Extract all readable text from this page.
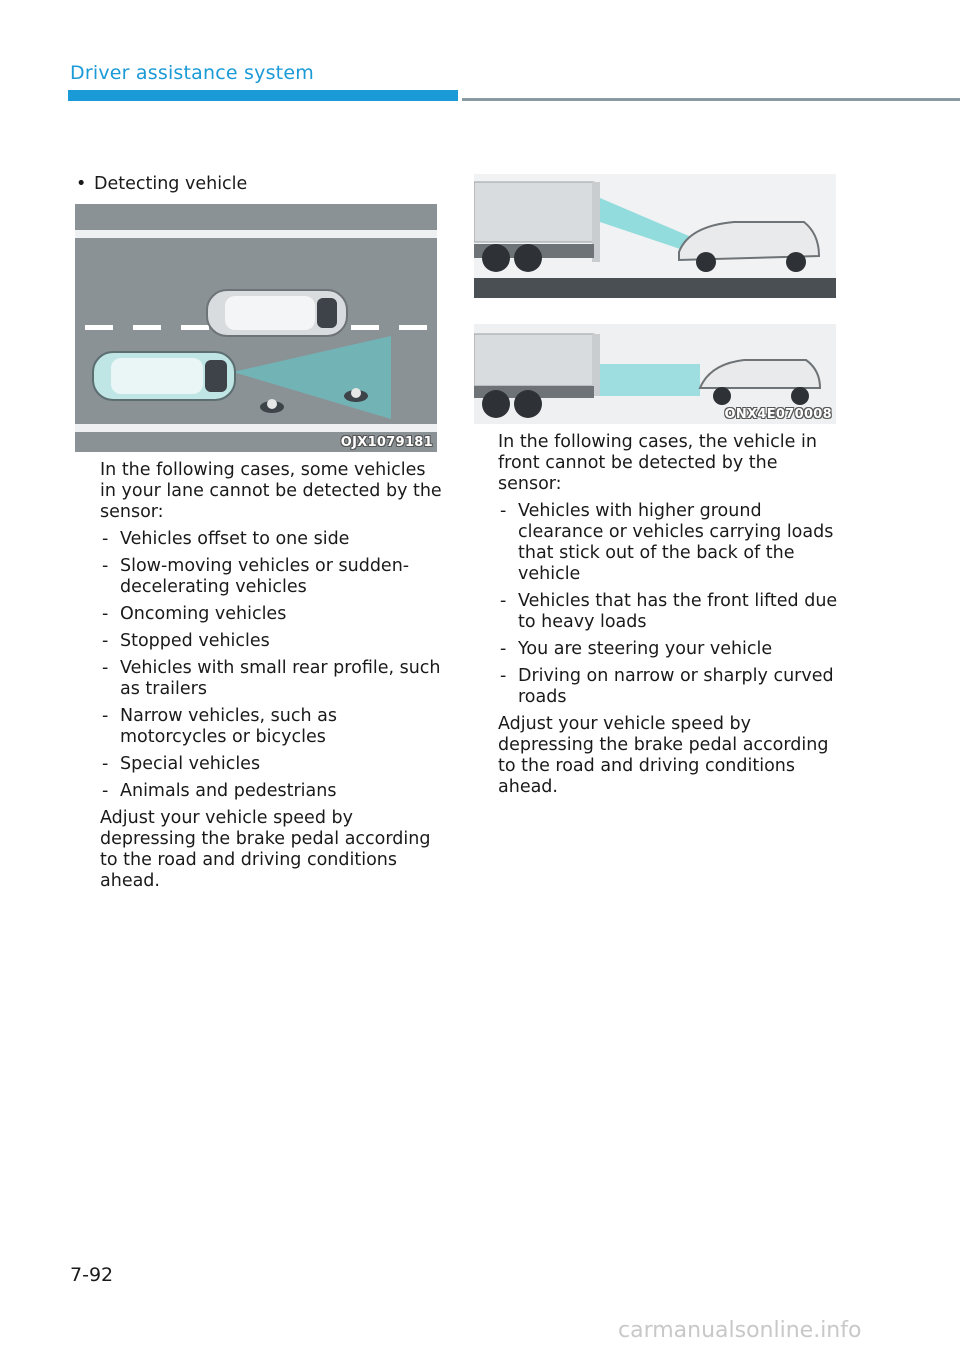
Driver assistance system
• Detecting vehicle
OJX1079181
ONX4E070008

In the following cases, some vehicles in your lane cannot be detected by the sensor:

- Vehicles offset to one side
- Slow-moving vehicles or sudden-decelerating vehicles
- Oncoming vehicles
- Stopped vehicles
- Vehicles with small rear profile, such as trailers
- Narrow vehicles, such as motorcycles or bicycles
- Special vehicles
- Animals and pedestrians

Adjust your vehicle speed by depressing the brake pedal according to the road and driving conditions ahead.

In the following cases, the vehicle in front cannot be detected by the sensor:

- Vehicles with higher ground clearance or vehicles carrying loads that stick out of the back of the vehicle
- Vehicles that has the front lifted due to heavy loads
- You are steering your vehicle
- Driving on narrow or sharply curved roads

Adjust your vehicle speed by depressing the brake pedal according to the road and driving conditions ahead.

7-92
carmanualsonline.info
